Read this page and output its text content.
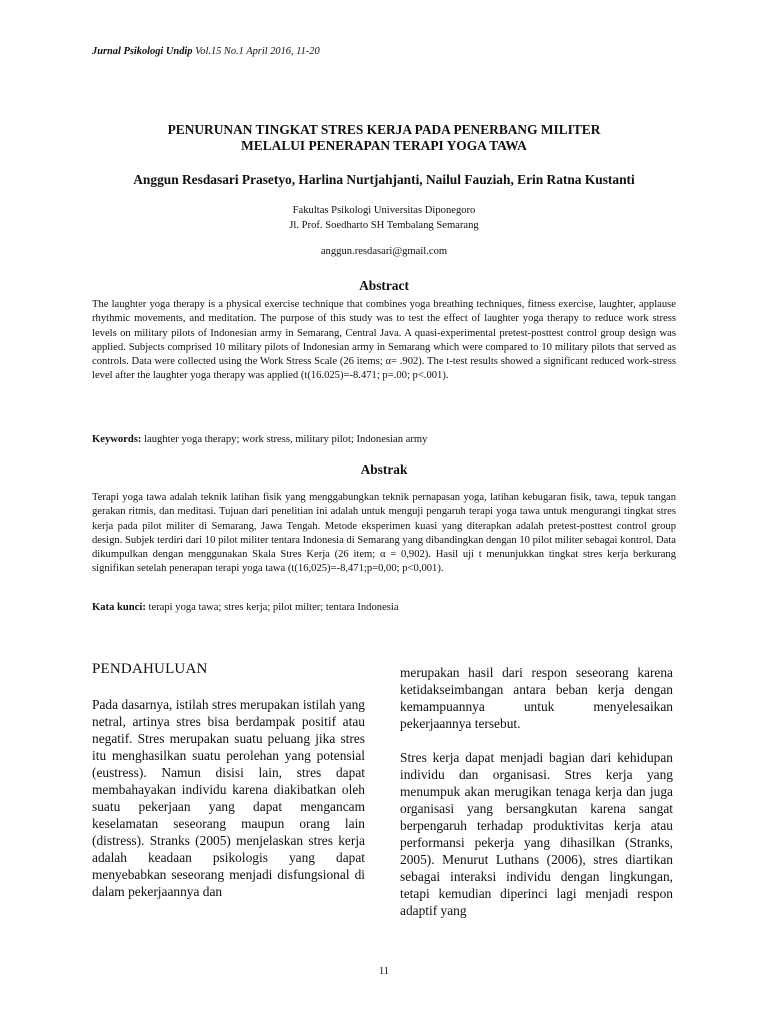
Jurnal Psikologi Undip Vol.15 No.1 April 2016, 11-20
PENURUNAN TINGKAT STRES KERJA PADA PENERBANG MILITER
MELALUI PENERAPAN TERAPI YOGA TAWA
Anggun Resdasari Prasetyo, Harlina Nurtjahjanti, Nailul Fauziah, Erin Ratna Kustanti
Fakultas Psikologi Universitas Diponegoro
Jl. Prof. Soedharto SH Tembalang Semarang
anggun.resdasari@gmail.com
Abstract
The laughter yoga therapy is a physical exercise technique that combines yoga breathing techniques, fitness exercise, laughter, applause rhythmic movements, and meditation. The purpose of this study was to test the effect of laughter yoga therapy to reduce work stress levels on military pilots of Indonesian army in Semarang, Central Java. A quasi-experimental pretest-posttest control group design was applied. Subjects comprised 10 military pilots of Indonesian army in Semarang which were compared to 10 military pilots that served as controls. Data were collected using the Work Stress Scale (26 items; α= .902). The t-test results showed a significant reduced work-stress level after the laughter yoga therapy was applied (t(16.025)=-8.471; p=.00; p<.001).
Keywords: laughter yoga therapy; work stress, military pilot; Indonesian army
Abstrak
Terapi yoga tawa adalah teknik latihan fisik yang menggabungkan teknik pernapasan yoga, latihan kebugaran fisik, tawa, tepuk tangan gerakan ritmis, dan meditasi. Tujuan dari penelitian ini adalah untuk menguji pengaruh terapi yoga tawa untuk mengurangi tingkat stres kerja pada pilot militer di Semarang, Jawa Tengah. Metode eksperimen kuasi yang diterapkan adalah pretest-posttest control group design. Subjek terdiri dari 10 pilot militer tentara Indonesia di Semarang yang dibandingkan dengan 10 pilot militer sebagai kontrol. Data dikumpulkan dengan menggunakan Skala Stres Kerja (26 item; α = 0,902). Hasil uji t menunjukkan tingkat stres kerja berkurang signifikan setelah penerapan terapi yoga tawa (t(16,025)=-8,471;p=0,00; p<0,001).
Kata kunci: terapi yoga tawa; stres kerja; pilot milter; tentara Indonesia
PENDAHULUAN

Pada dasarnya, istilah stres merupakan istilah yang netral, artinya stres bisa berdampak positif atau negatif. Stres merupakan suatu peluang jika stres itu menghasilkan suatu perolehan yang potensial (eustress). Namun disisi lain, stres dapat membahayakan individu karena diakibatkan oleh suatu pekerjaan yang dapat mengancam keselamatan seseorang maupun orang lain (distress). Stranks (2005) menjelaskan stres kerja adalah keadaan psikologis yang dapat menyebabkan seseorang menjadi disfungsional di dalam pekerjaannya dan

merupakan hasil dari respon seseorang karena ketidakseimbangan antara beban kerja dengan kemampuannya untuk menyelesaikan pekerjaannya tersebut.

Stres kerja dapat menjadi bagian dari kehidupan individu dan organisasi. Stres kerja yang menumpuk akan merugikan tenaga kerja dan juga organisasi yang bersangkutan karena sangat berpengaruh terhadap produktivitas kerja atau performansi pekerja yang dihasilkan (Stranks, 2005). Menurut Luthans (2006), stres diartikan sebagai interaksi individu dengan lingkungan, tetapi kemudian diperinci lagi menjadi respon adaptif yang

11
